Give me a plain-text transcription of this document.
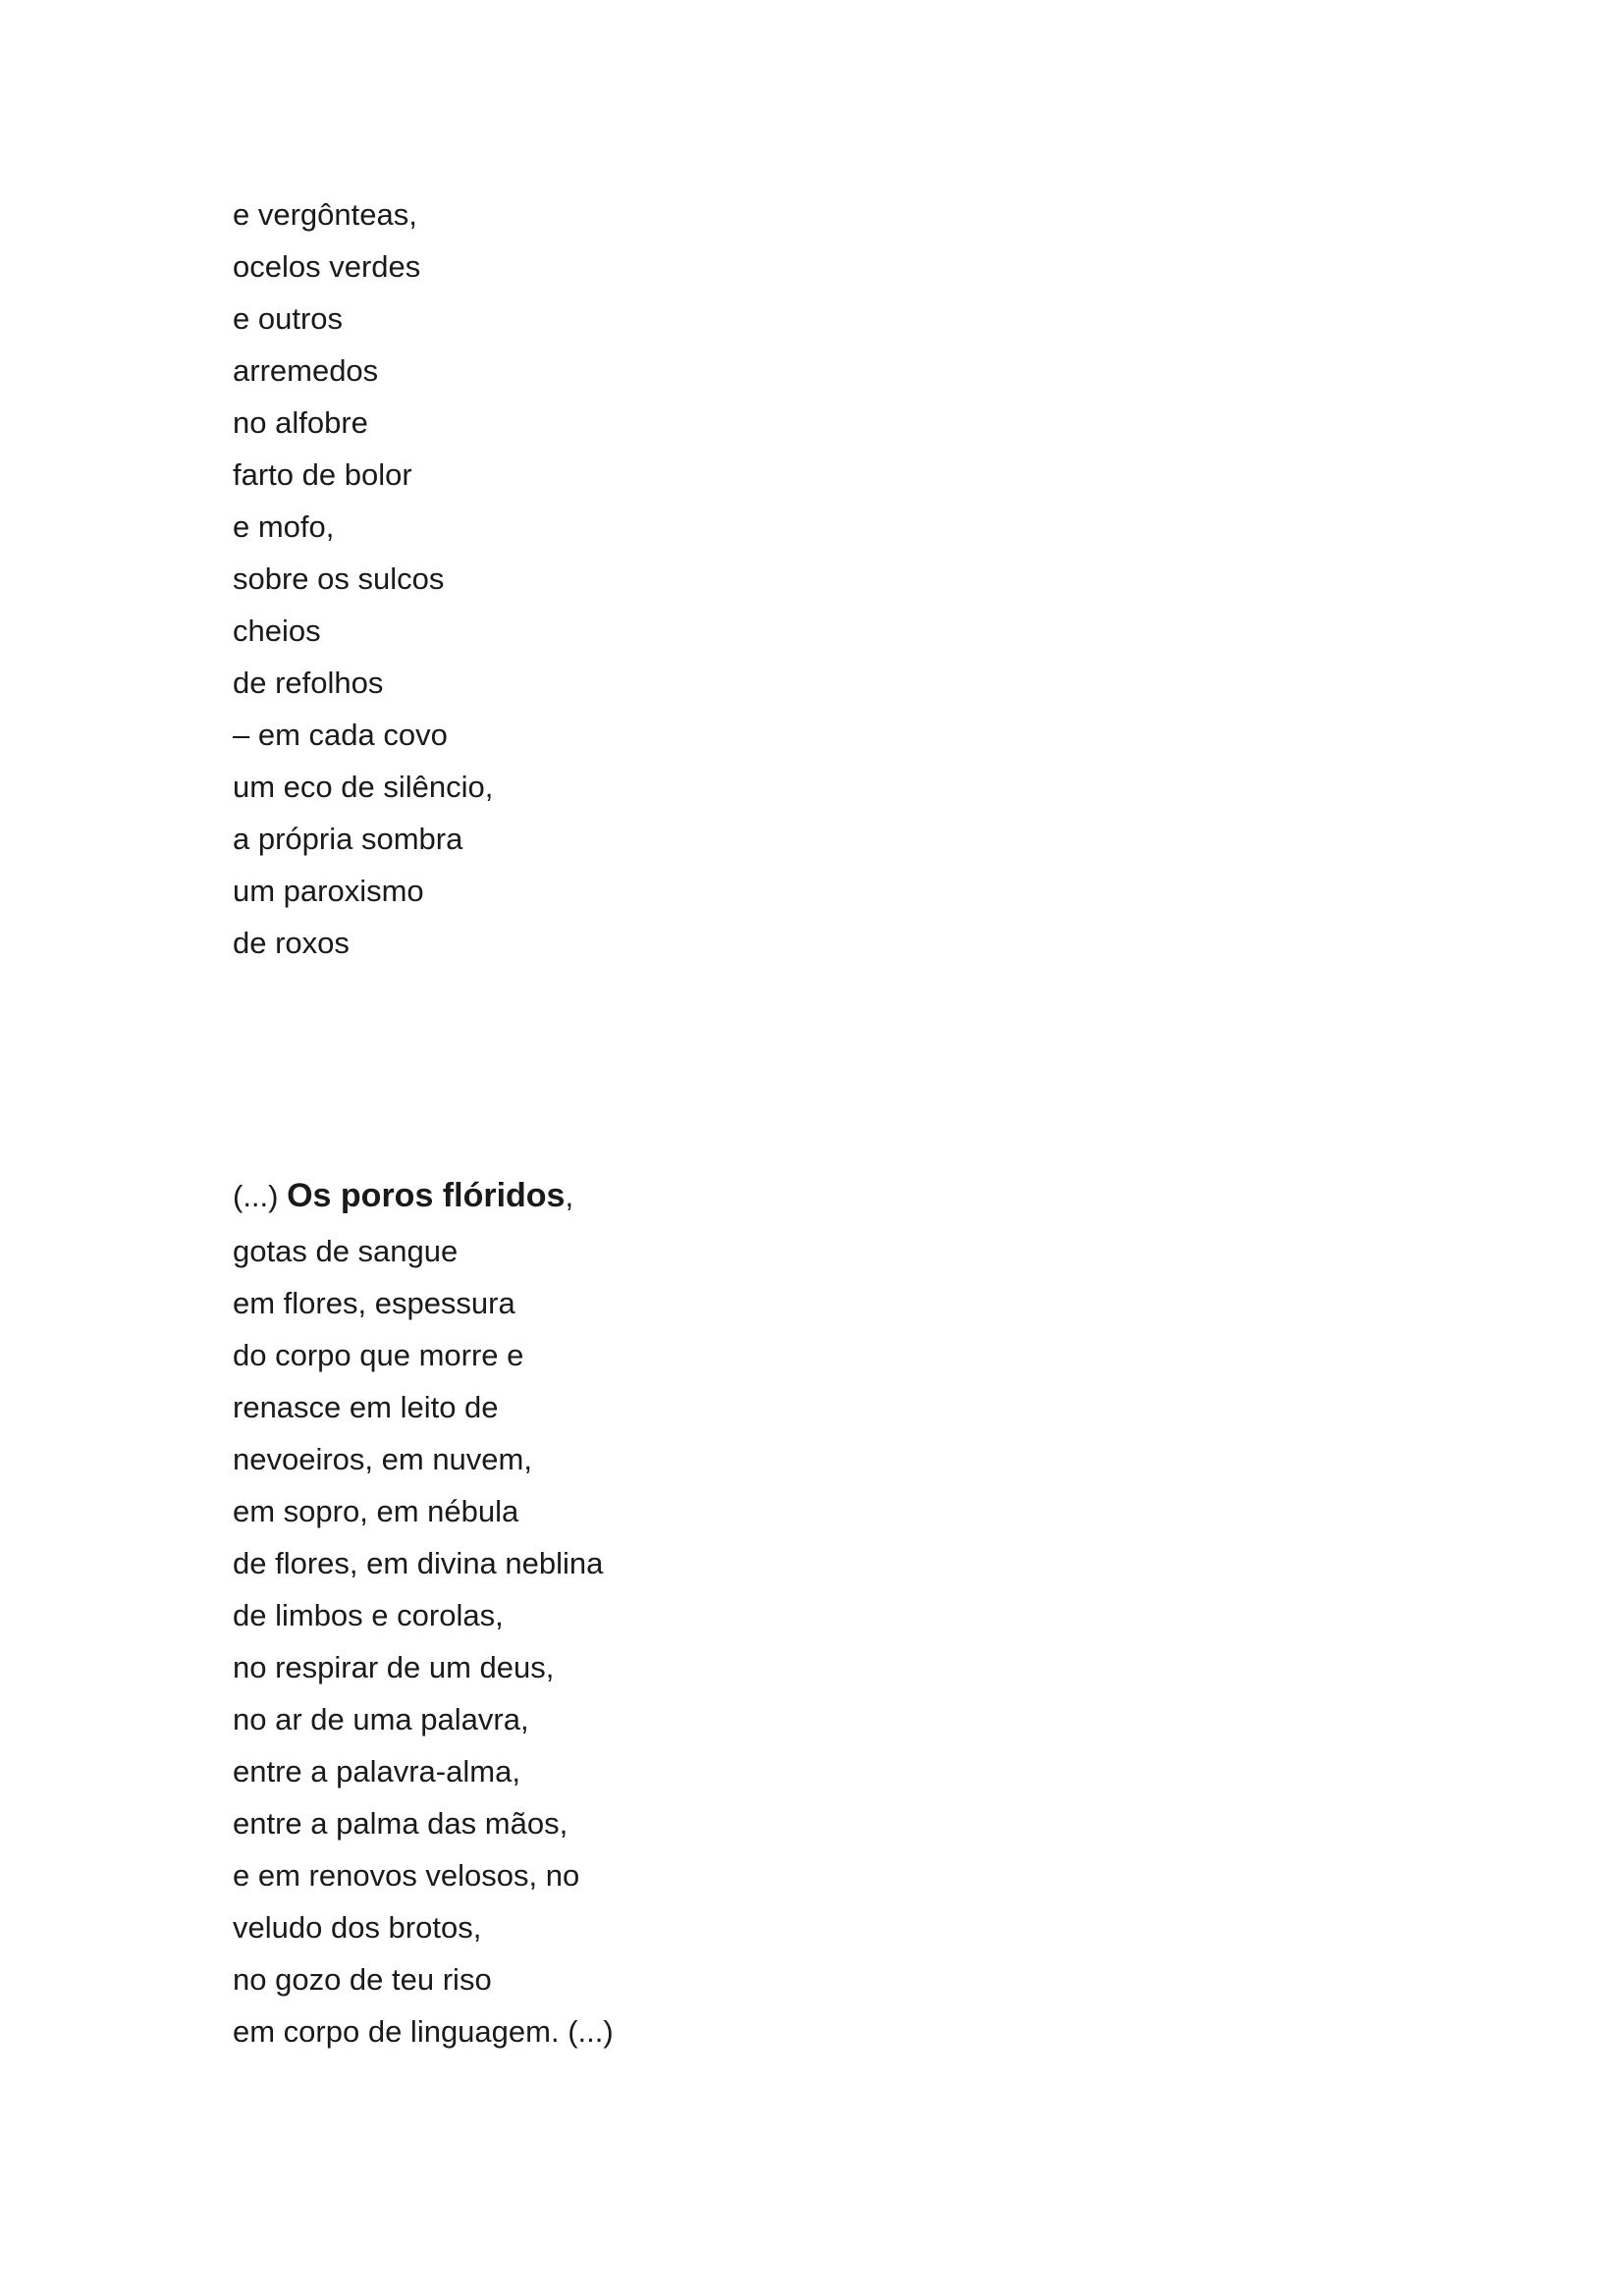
e vergônteas,
ocelos verdes
e outros
arremedos
no alfobre
farto de bolor
e mofo,
sobre os sulcos
cheios
de refolhos
– em cada covo
um eco de silêncio,
a própria sombra
um paroxismo
de roxos
(...) Os poros flóridos,
gotas de sangue
em flores, espessura
do corpo que morre e
renasce em leito de
nevoeiros, em nuvem,
em sopro, em nébula
de flores, em divina neblina
de limbos e corolas,
no respirar de um deus,
no ar de uma palavra,
entre a palavra-alma,
entre a palma das mãos,
e em renovos velosos, no
veludo dos brotos,
no gozo de teu riso
em corpo de linguagem. (...)
